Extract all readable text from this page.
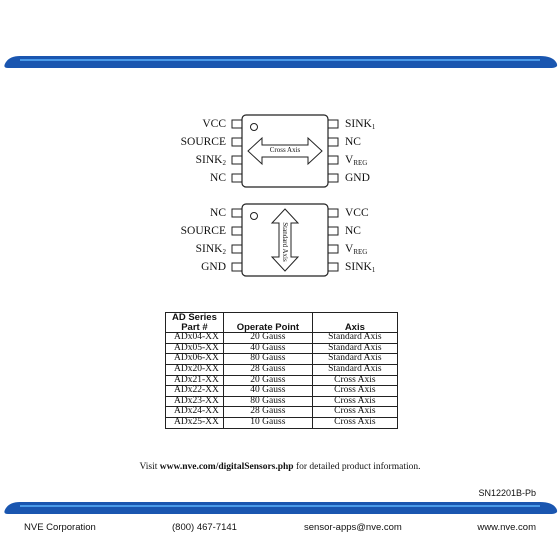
VCC
SOURCE
$SINK_2$
NC
$SINK_1$
NC
$V_{REG}$
GND
Cross Axis
NC
SOURCE
$SINK_2$
GND
VCC
NC
$V_{REG}$
$SINK_1$
Standard Axis
AD Series
Part #	Operate Point	Axis
ADx04-XX	20 Gauss	Standard Axis
ADx05-XX	40 Gauss	Standard Axis
ADx06-XX	80 Gauss	Standard Axis
ADx20-XX	28 Gauss	Standard Axis
ADx21-XX	20 Gauss	Cross Axis
ADx22-XX	40 Gauss	Cross Axis
ADx23-XX	80 Gauss	Cross Axis
ADx24-XX	28 Gauss	Cross Axis
ADx25-XX	10 Gauss	Cross Axis
Visit www.nve.com/digitalSensors.php for detailed product information.
SN12201B-Pb
NVE Corporation	(800) 467-7141	sensor-apps@nve.com	www.nve.com
